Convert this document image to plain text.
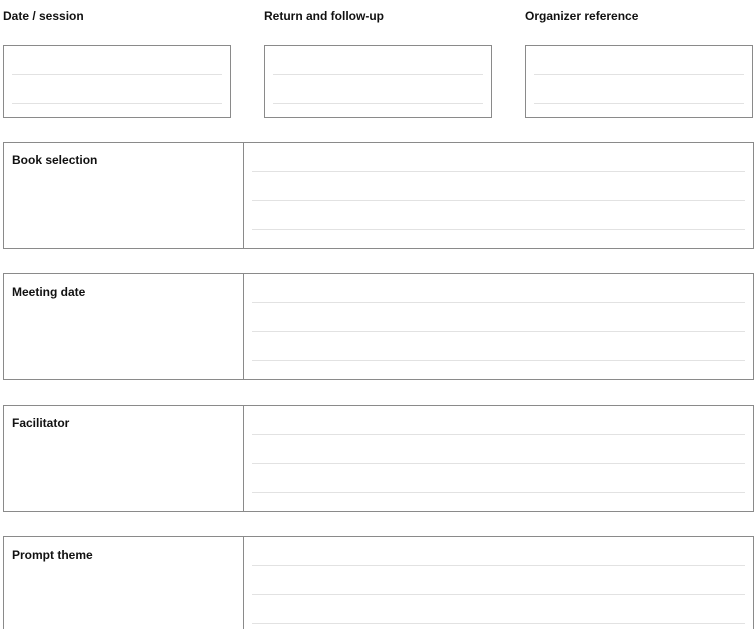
Date / session	Return and follow-up	Organizer reference
Book selection
Meeting date
Facilitator
Prompt theme
